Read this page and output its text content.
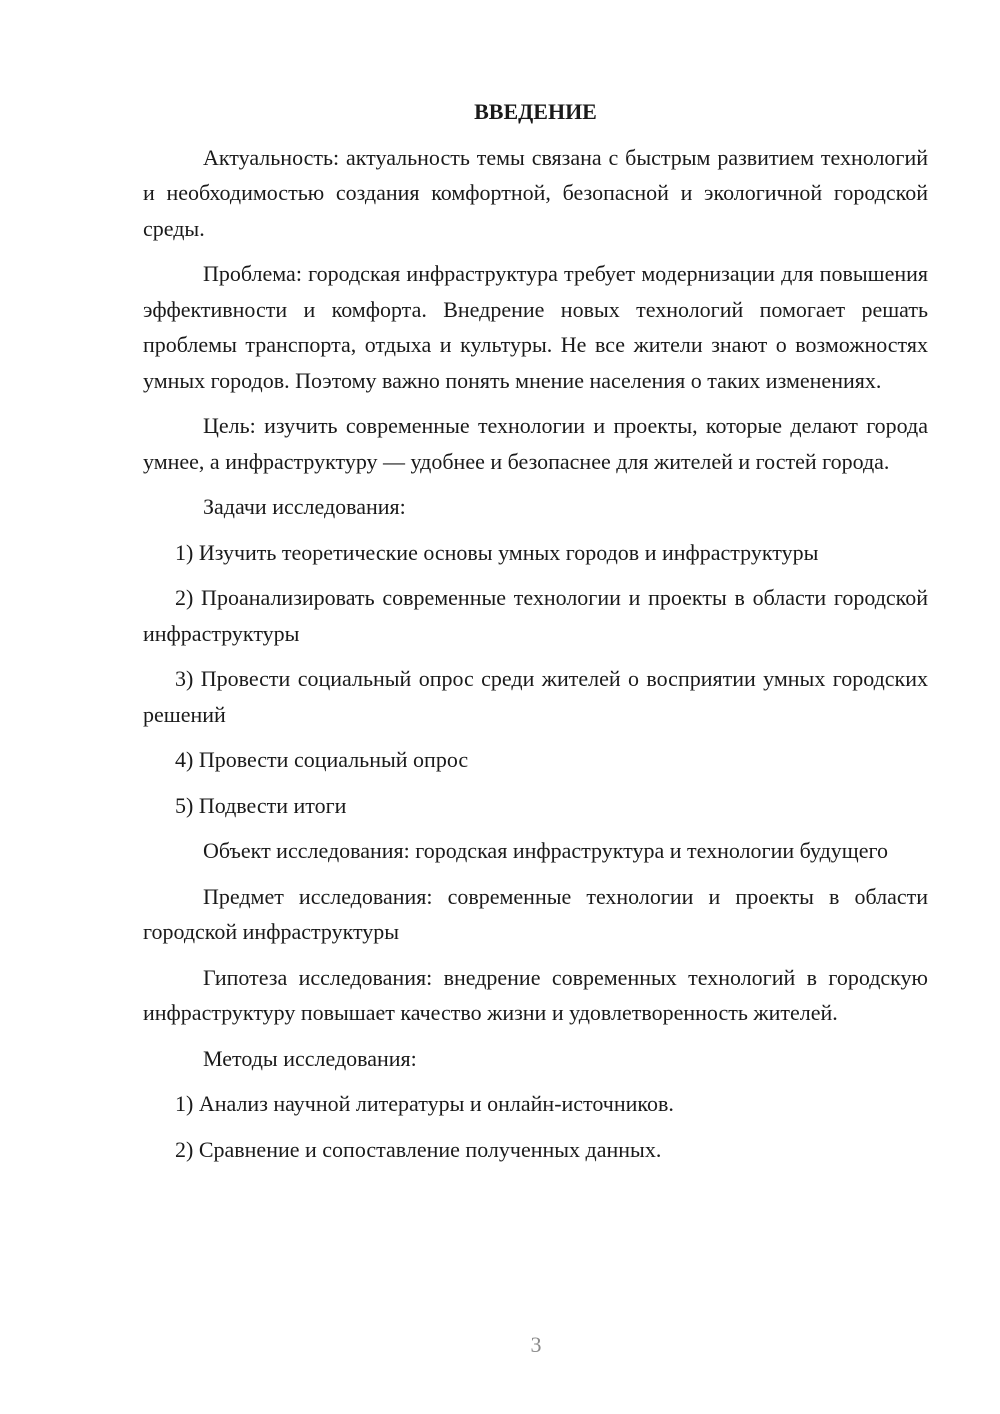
ВВЕДЕНИЕ

Актуальность: актуальность темы связана с быстрым развитием технологий и необходимостью создания комфортной, безопасной и экологичной городской среды.

Проблема: городская инфраструктура требует модернизации для повышения эффективности и комфорта. Внедрение новых технологий помогает решать проблемы транспорта, отдыха и культуры. Не все жители знают о возможностях умных городов. Поэтому важно понять мнение населения о таких изменениях.

Цель: изучить современные технологии и проекты, которые делают города умнее, а инфраструктуру — удобнее и безопаснее для жителей и гостей города.

Задачи исследования:

1) Изучить теоретические основы умных городов и инфраструктуры

2) Проанализировать современные технологии и проекты в области городской инфраструктуры

3) Провести социальный опрос среди жителей о восприятии умных городских решений

4) Провести социальный опрос

5) Подвести итоги

Объект исследования: городская инфраструктура и технологии будущего

Предмет исследования: современные технологии и проекты в области городской инфраструктуры

Гипотеза исследования: внедрение современных технологий в городскую инфраструктуру повышает качество жизни и удовлетворенность жителей.

Методы исследования:

1) Анализ научной литературы и онлайн-источников.

2) Сравнение и сопоставление полученных данных.

3
